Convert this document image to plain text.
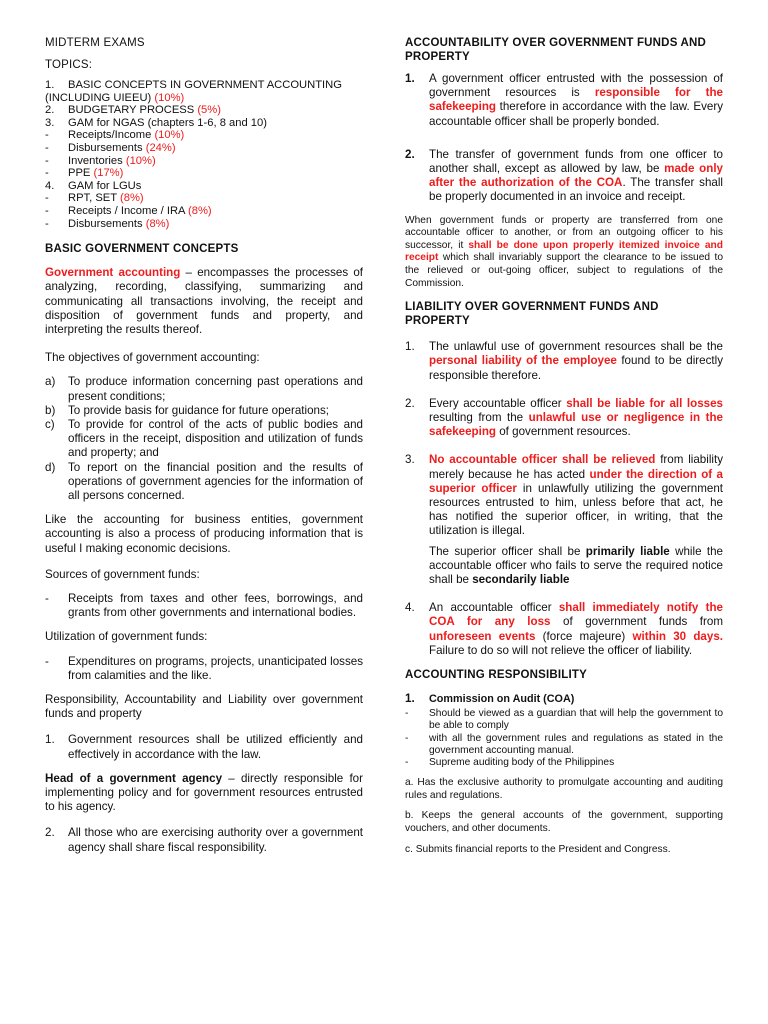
MIDTERM EXAMS
TOPICS:
1.	BASIC CONCEPTS IN GOVERNMENT ACCOUNTING
(INCLUDING UIEEU) (10%)
2.	BUDGETARY PROCESS (5%)
3.	GAM for NGAS (chapters 1-6, 8 and 10)
-	Receipts/Income (10%)
-	Disbursements (24%)
-	Inventories (10%)
-	PPE (17%)
4.	GAM for LGUs
-	RPT, SET (8%)
-	Receipts / Income / IRA (8%)
-	Disbursements (8%)
BASIC GOVERNMENT CONCEPTS

Government accounting – encompasses the processes of analyzing, recording, classifying, summarizing and communicating all transactions involving, the receipt and disposition of government funds and property, and interpreting the results thereof.

The objectives of government accounting:

a)	To produce information concerning past operations and present conditions;
b)	To provide basis for guidance for future operations;
c)	To provide for control of the acts of public bodies and officers in the receipt, disposition and utilization of funds and property; and
d)	To report on the financial position and the results of operations of government agencies for the information of all persons concerned.

Like the accounting for business entities, government accounting is also a process of producing information that is useful I making economic decisions.

Sources of government funds:

-	Receipts from taxes and other fees, borrowings, and grants from other governments and international bodies.

Utilization of government funds:

-	Expenditures on programs, projects, unanticipated losses from calamities and the like.

Responsibility, Accountability and Liability over government funds and property

1.	Government resources shall be utilized efficiently and effectively in accordance with the law.

Head of a government agency – directly responsible for implementing policy and for government resources entrusted to his agency.

2.	All those who are exercising authority over a government agency shall share fiscal responsibility.
ACCOUNTABILITY OVER GOVERNMENT FUNDS AND PROPERTY
1.	A government officer entrusted with the possession of government resources is responsible for the safekeeping therefore in accordance with the law. Every accountable officer shall be properly bonded.
2.	The transfer of government funds from one officer to another shall, except as allowed by law, be made only after the authorization of the COA. The transfer shall be properly documented in an invoice and receipt.

When government funds or property are transferred from one accountable officer to another, or from an outgoing officer to his successor, it shall be done upon properly itemized invoice and receipt which shall invariably support the clearance to be issued to the relieved or out-going officer, subject to regulations of the Commission.

LIABILITY OVER GOVERNMENT FUNDS AND PROPERTY
1.	The unlawful use of government resources shall be the personal liability of the employee found to be directly responsible therefore.
2.	Every accountable officer shall be liable for all losses resulting from the unlawful use or negligence in the safekeeping of government resources.
3.	No accountable officer shall be relieved from liability merely because he has acted under the direction of a superior officer in unlawfully utilizing the government resources entrusted to him, unless before that act, he has notified the superior officer, in writing, that the utilization is illegal.

The superior officer shall be primarily liable while the accountable officer who fails to serve the required notice shall be secondarily liable

4.	An accountable officer shall immediately notify the COA for any loss of government funds from unforeseen events (force majeure) within 30 days. Failure to do so will not relieve the officer of liability.
ACCOUNTING RESPONSIBILITY
1.	Commission on Audit (COA)
-	Should be viewed as a guardian that will help the government to be able to comply
-	with all the government rules and regulations as stated in the government accounting manual.
-	Supreme auditing body of the Philippines

a. Has the exclusive authority to promulgate accounting and auditing rules and regulations.

b. Keeps the general accounts of the government, supporting vouchers, and other documents.

c. Submits financial reports to the President and Congress.
